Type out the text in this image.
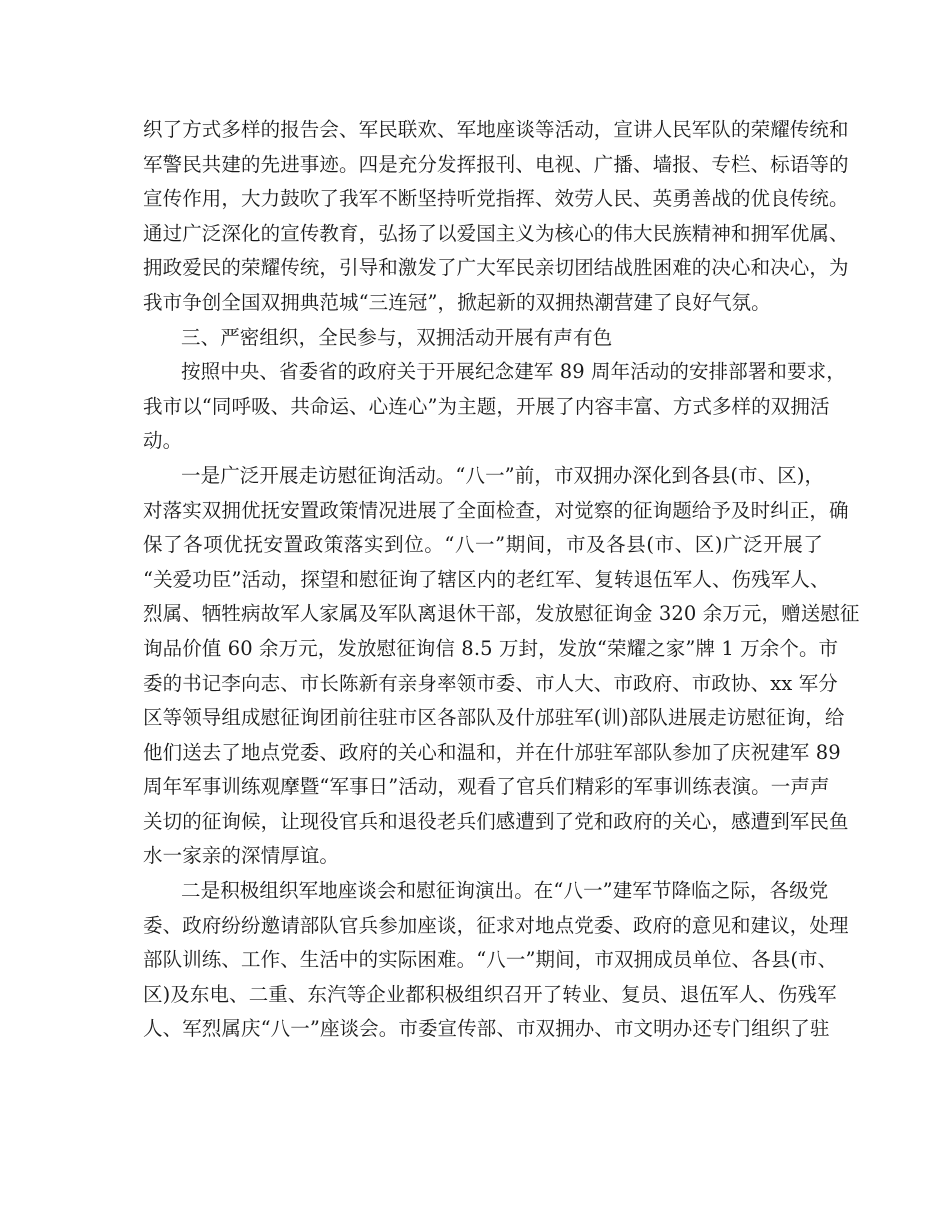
织了方式多样的报告会、军民联欢、军地座谈等活动，宣讲人民军队的荣耀传统和
军警民共建的先进事迹。四是充分发挥报刊、电视、广播、墙报、专栏、标语等的
宣传作用，大力鼓吹了我军不断坚持听党指挥、效劳人民、英勇善战的优良传统。
通过广泛深化的宣传教育，弘扬了以爱国主义为核心的伟大民族精神和拥军优属、
拥政爱民的荣耀传统，引导和激发了广大军民亲切团结战胜困难的决心和决心，为
我市争创全国双拥典范城“三连冠”，掀起新的双拥热潮营建了良好气氛。
三、严密组织，全民参与，双拥活动开展有声有色
按照中央、省委省的政府关于开展纪念建军 89 周年活动的安排部署和要求，
我市以“同呼吸、共命运、心连心”为主题，开展了内容丰富、方式多样的双拥活
动。
一是广泛开展走访慰征询活动。“八一”前，市双拥办深化到各县(市、区)，
对落实双拥优抚安置政策情况进展了全面检查，对觉察的征询题给予及时纠正，确
保了各项优抚安置政策落实到位。“八一”期间，市及各县(市、区)广泛开展了
“关爱功臣”活动，探望和慰征询了辖区内的老红军、复转退伍军人、伤残军人、
烈属、牺牲病故军人家属及军队离退休干部，发放慰征询金 320 余万元，赠送慰征
询品价值 60 余万元，发放慰征询信 8.5 万封，发放“荣耀之家”牌 1 万余个。市
委的书记李向志、市长陈新有亲身率领市委、市人大、市政府、市政协、xx 军分
区等领导组成慰征询团前往驻市区各部队及什邡驻军(训)部队进展走访慰征询，给
他们送去了地点党委、政府的关心和温和，并在什邡驻军部队参加了庆祝建军 89
周年军事训练观摩暨“军事日”活动，观看了官兵们精彩的军事训练表演。一声声
关切的征询候，让现役官兵和退役老兵们感遭到了党和政府的关心，感遭到军民鱼
水一家亲的深情厚谊。
二是积极组织军地座谈会和慰征询演出。在“八一”建军节降临之际，各级党
委、政府纷纷邀请部队官兵参加座谈，征求对地点党委、政府的意见和建议，处理
部队训练、工作、生活中的实际困难。“八一”期间，市双拥成员单位、各县(市、
区)及东电、二重、东汽等企业都积极组织召开了转业、复员、退伍军人、伤残军
人、军烈属庆“八一”座谈会。市委宣传部、市双拥办、市文明办还专门组织了驻
